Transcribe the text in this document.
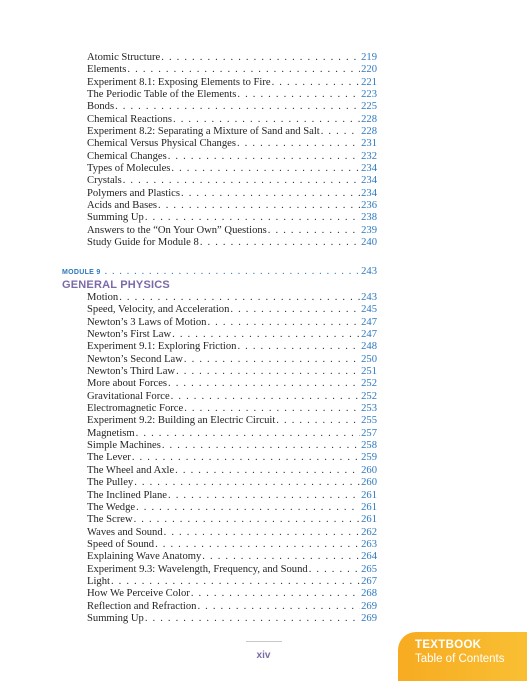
Atomic Structure . . .	219
Elements . . .	220
Experiment 8.1: Exposing Elements to Fire . . .	221
The Periodic Table of the Elements . . .	223
Bonds . . .	225
Chemical Reactions . . .	228
Experiment 8.2: Separating a Mixture of Sand and Salt . . .	228
Chemical Versus Physical Changes . . .	231
Chemical Changes . . .	232
Types of Molecules . . .	234
Crystals . . .	234
Polymers and Plastics . . .	234
Acids and Bases . . .	236
Summing Up . . .	238
Answers to the “On Your Own” Questions . . .	239
Study Guide for Module 8 . . .	240
MODULE 9 . . .	243
GENERAL PHYSICS
Motion . . .	243
Speed, Velocity, and Acceleration . . .	245
Newton’s 3 Laws of Motion . . .	247
Newton’s First Law . . .	247
Experiment 9.1: Exploring Friction . . .	248
Newton’s Second Law . . .	250
Newton’s Third Law . . .	251
More about Forces . . .	252
Gravitational Force . . .	252
Electromagnetic Force . . .	253
Experiment 9.2: Building an Electric Circuit . . .	255
Magnetism . . .	257
Simple Machines . . .	258
The Lever . . .	259
The Wheel and Axle . . .	260
The Pulley . . .	260
The Inclined Plane . . .	261
The Wedge . . .	261
The Screw . . .	261
Waves and Sound . . .	262
Speed of Sound . . .	263
Explaining Wave Anatomy . . .	264
Experiment 9.3: Wavelength, Frequency, and Sound . . .	265
Light . . .	267
How We Perceive Color . . .	268
Reflection and Refraction . . .	269
Summing Up . . .	269
xiv
TEXTBOOK
Table of Contents
